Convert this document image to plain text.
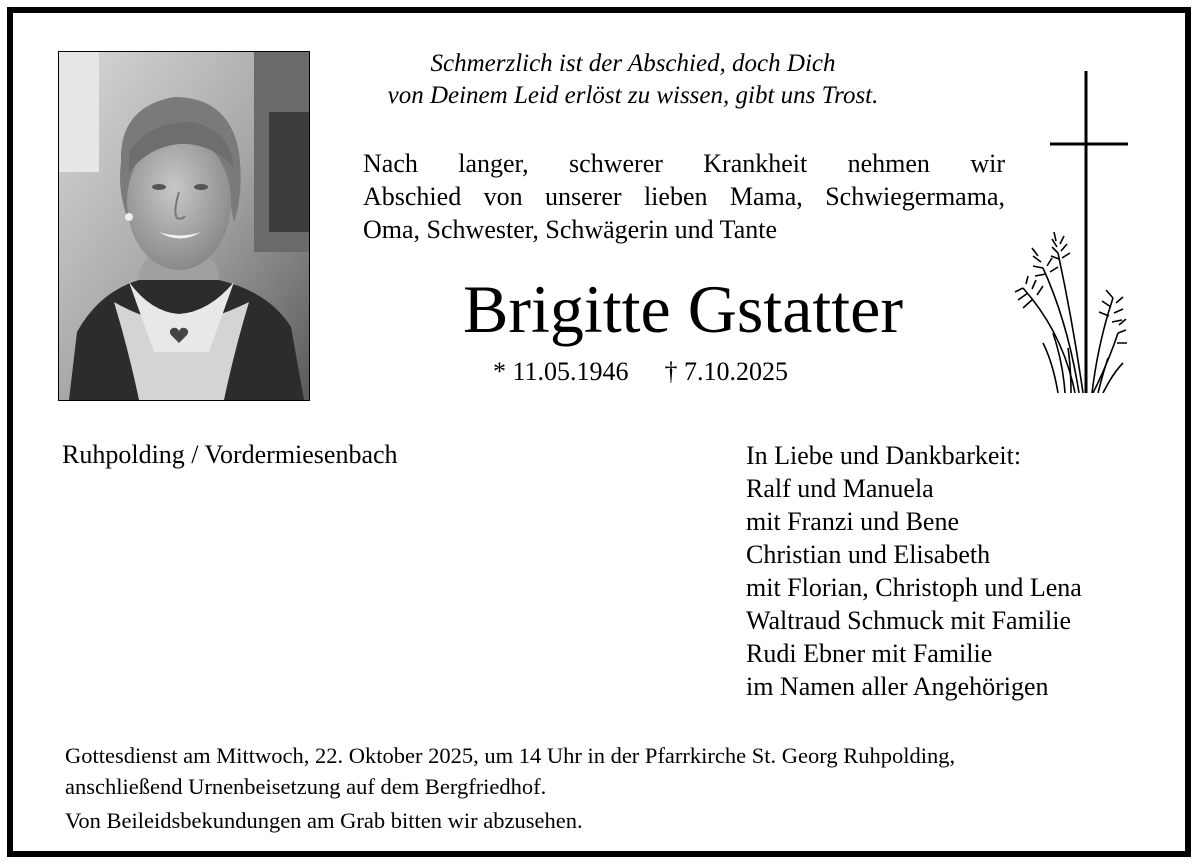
Schmerzlich ist der Abschied, doch Dich
von Deinem Leid erlöst zu wissen, gibt uns Trost.
Nach langer, schwerer Krankheit nehmen wir
Abschied von unserer lieben Mama, Schwiegermama,
Oma, Schwester, Schwägerin und Tante
Brigitte Gstatter
* 11.05.1946 † 7.10.2025
Ruhpolding / Vordermiesenbach	In Liebe und Dankbarkeit:
Ralf und Manuela
mit Franzi und Bene
Christian und Elisabeth
mit Florian, Christoph und Lena
Waltraud Schmuck mit Familie
Rudi Ebner mit Familie
im Namen aller Angehörigen
Gottesdienst am Mittwoch, 22. Oktober 2025, um 14 Uhr in der Pfarrkirche St. Georg Ruhpolding,
anschließend Urnenbeisetzung auf dem Bergfriedhof.
Von Beileidsbekundungen am Grab bitten wir abzusehen.
